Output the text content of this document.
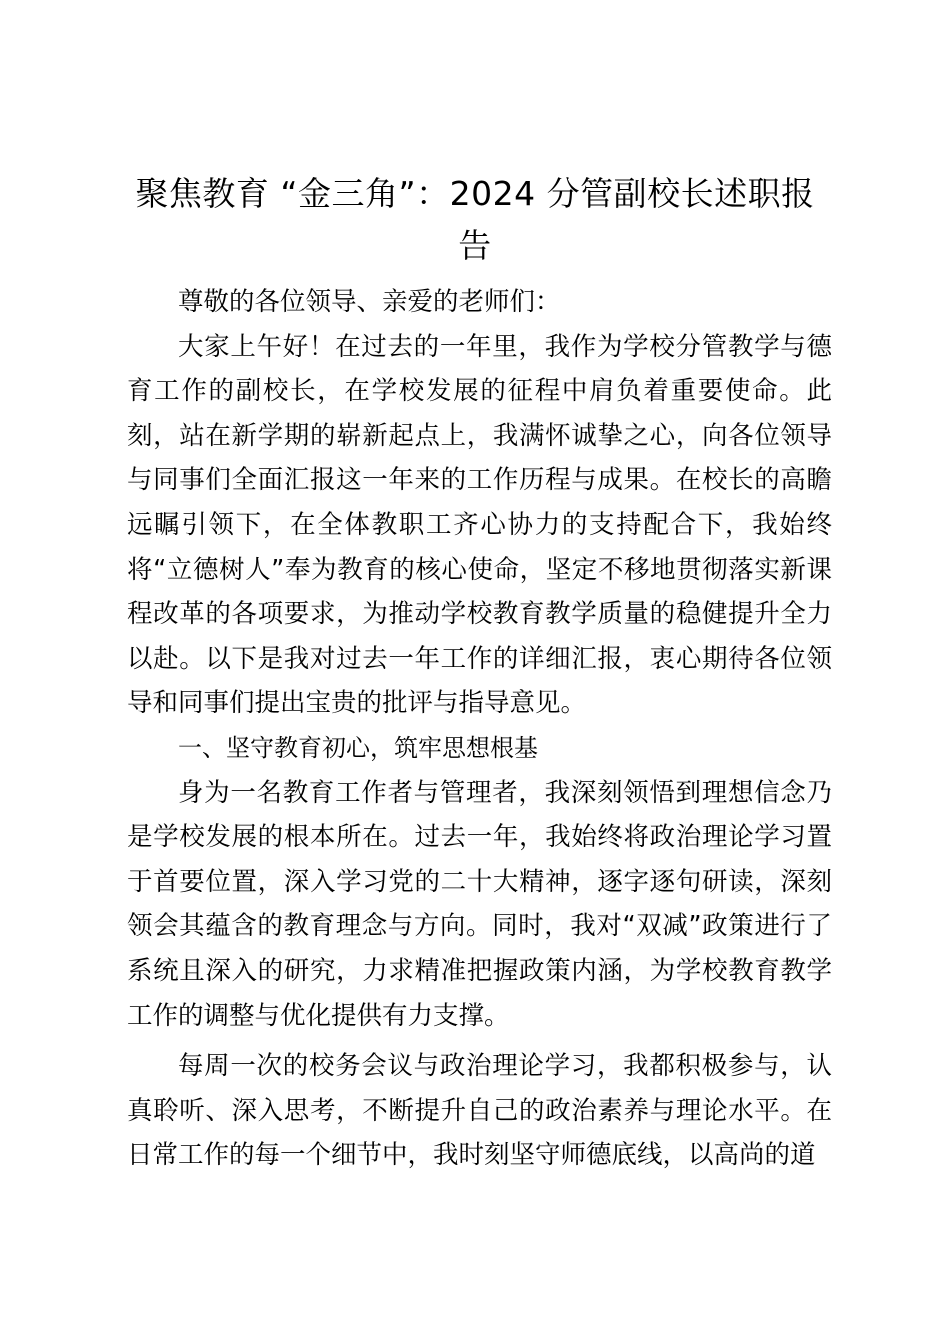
聚焦教育 “金三角”：2024 分管副校长述职报告

尊敬的各位领导、亲爱的老师们：

大家上午好！在过去的一年里，我作为学校分管教学与德育工作的副校长，在学校发展的征程中肩负着重要使命。此刻，站在新学期的崭新起点上，我满怀诚挚之心，向各位领导与同事们全面汇报这一年来的工作历程与成果。在校长的高瞻远瞩引领下，在全体教职工齐心协力的支持配合下，我始终将“立德树人”奉为教育的核心使命，坚定不移地贯彻落实新课程改革的各项要求，为推动学校教育教学质量的稳健提升全力以赴。以下是我对过去一年工作的详细汇报，衷心期待各位领导和同事们提出宝贵的批评与指导意见。

一、坚守教育初心，筑牢思想根基

身为一名教育工作者与管理者，我深刻领悟到理想信念乃是学校发展的根本所在。过去一年，我始终将政治理论学习置于首要位置，深入学习党的二十大精神，逐字逐句研读，深刻领会其蕴含的教育理念与方向。同时，我对“双减”政策进行了系统且深入的研究，力求精准把握政策内涵，为学校教育教学工作的调整与优化提供有力支撑。

每周一次的校务会议与政治理论学习，我都积极参与，认真聆听、深入思考，不断提升自己的政治素养与理论水平。在日常工作的每一个细节中，我时刻坚守师德底线，以高尚的道
